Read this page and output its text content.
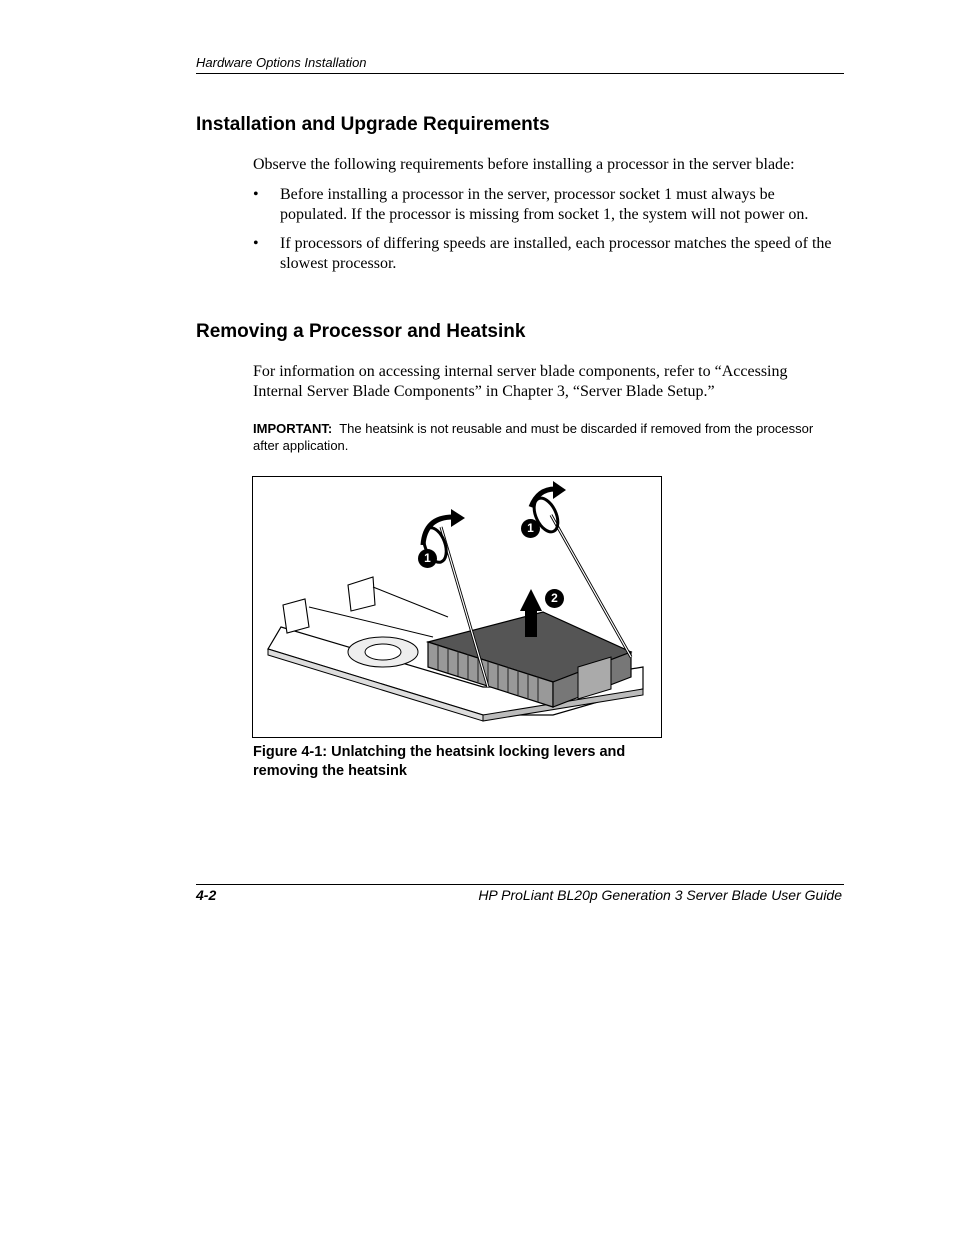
Hardware Options Installation
Installation and Upgrade Requirements

Observe the following requirements before installing a processor in the server blade:

• Before installing a processor in the server, processor socket 1 must always be populated. If the processor is missing from socket 1, the system will not power on.
• If processors of differing speeds are installed, each processor matches the speed of the slowest processor.
Removing a Processor and Heatsink

For information on accessing internal server blade components, refer to “Accessing Internal Server Blade Components” in Chapter 3, “Server Blade Setup.”

IMPORTANT: The heatsink is not reusable and must be discarded if removed from the processor after application.
1
1
2
Figure 4-1: Unlatching the heatsink locking levers and removing the heatsink
4-2	HP ProLiant BL20p Generation 3 Server Blade User Guide
